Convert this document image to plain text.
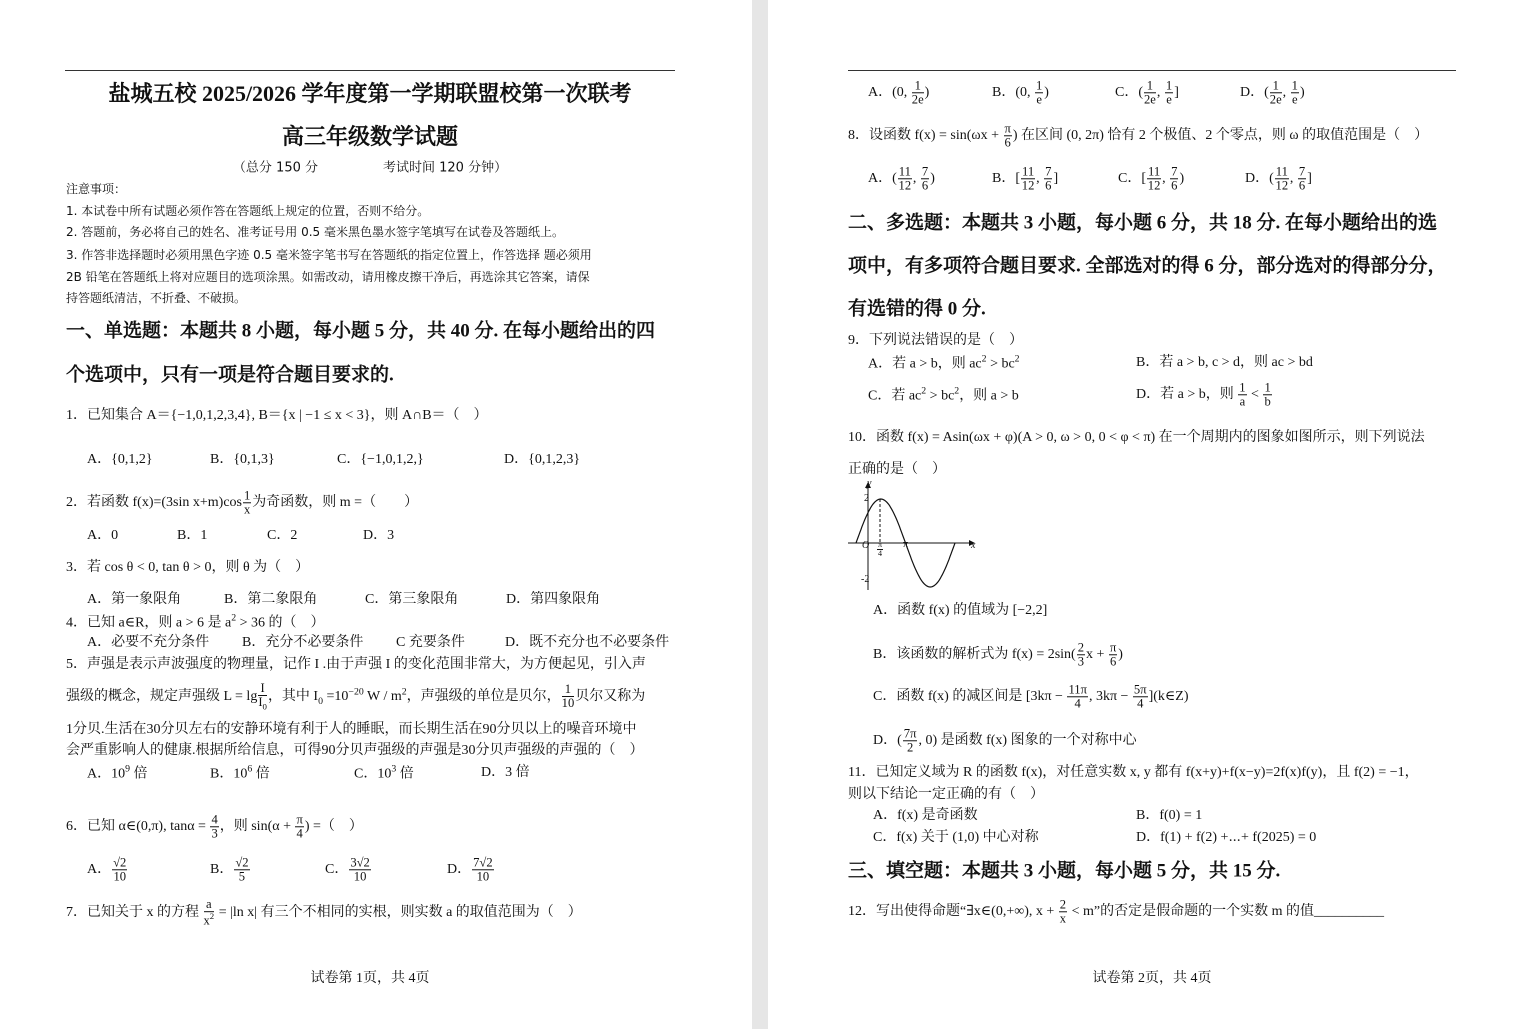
盐城五校 2025/2026 学年度第一学期联盟校第一次联考
高三年级数学试题
（总分 150 分　　　　　考试时间 120 分钟）
注意事项：
1. 本试卷中所有试题必须作答在答题纸上规定的位置，否则不给分。
2. 答题前，务必将自己的姓名、准考证号用 0.5 毫米黑色墨水签字笔填写在试卷及答题纸上。
3. 作答非选择题时必须用黑色字迹 0.5 毫米签字笔书写在答题纸的指定位置上，作答选择 题必须用
2B 铅笔在答题纸上将对应题目的选项涂黑。如需改动，请用橡皮擦干净后，再选涂其它答案，请保
持答题纸清洁，不折叠、不破损。
一、单选题：本题共 8 小题，每小题 5 分，共 40 分. 在每小题给出的四
个选项中，只有一项是符合题目要求的.
1．已知集合 A＝{−1,0,1,2,3,4}, B＝{x | −1 ≤ x < 3}，则 A∩B＝（　）
A．{0,1,2}	B．{0,1,3}	C．{−1,0,1,2,}	D．{0,1,2,3}
2．若函数 f(x)=(3sin $x+m)\cos \frac{1}{x}$ 为奇函数，则 m =（　　）
A．0	B．1	C．2	D．3
3．若 cos θ < 0, tan θ > 0，则 θ 为（　）
A．第一象限角	B．第二象限角	C．第三象限角	D．第四象限角
4．已知 a∈R，则 a > 6 是 $a^2 > 36$ 的（　）
A．必要不充分条件 B．充分不必要条件 C 充要条件	D．既不充分也不必要条件
5．声强是表示声波强度的物理量，记作 I .由于声强 I 的变化范围非常大，为方便起见，引入声
强级的概念，规定声强级 $L = \lg \frac{I}{I_0}$ ，其中 $I_0 =10^{-20}$ W / $m^2$，声强级的单位是贝尔， $\frac{1}{10}$ 贝尔又称为
1分贝.生活在30分贝左右的安静环境有利于人的睡眠，而长期生活在90分贝以上的噪音环境中
会严重影响人的健康.根据所给信息，可得90分贝声强级的声强是30分贝声强级的声强的（　）
A．$10^9$ 倍	B．$10^6$ 倍	C．$10^3$ 倍	D．3 倍
6．已知 α∈(0,π), $\tan\alpha = \frac{4}{3}$ ，则 $\sin(\alpha + \frac{\pi}{4}$ ) =（　）
A． $\frac{√2}{10}$	B． $\frac{√2}{5}$	C． $\frac{3√2}{10}$	D． $\frac{7√2}{10}$
7．已知关于 x 的方程 $\frac{a}{x^2} = |\ln$ x| 有三个不相同的实根，则实数 a 的取值范围为（　）
试卷第 1页，共 4页
A．(0, $\frac{1}{2e}$ )	B．(0, $\frac{1}{e}$ )	C．( $\frac{1}{2e}$ , $\frac{1}{e}$ ]	D．( $\frac{1}{2e}$ , $\frac{1}{e}$ )
8．设函数 $f(x) = \sin(\omega x + \frac{\pi}{6}$ ) 在区间 (0, 2π) 恰有 2 个极值、2 个零点，则 ω 的取值范围是（　）
A．( $\frac{11}{12}$ , $\frac{7}{6}$ )	B．[ $\frac{11}{12}$ , $\frac{7}{6}$ ]	C．[ $\frac{11}{12}$ , $\frac{7}{6}$ )	D．( $\frac{11}{12}$ , $\frac{7}{6}$ ]
二、多选题：本题共 3 小题，每小题 6 分，共 18 分. 在每小题给出的选
项中，有多项符合题目要求. 全部选对的得 6 分，部分选对的得部分分，
有选错的得 0 分.
9．下列说法错误的是（　）
A．若 a > b，则 $ac^2 > bc^2$	B．若 a > b, c > d，则 ac > bd
C．若 $ac^2 > bc^2$，则 a > b	D．若 a > b，则 $\frac{1}{a} < \frac{1}{b}$
10．函数 f(x) = Asin(ωx + φ)(A > 0, ω > 0, 0 < φ < π) 在一个周期内的图象如图所示，则下列说法
正确的是（　）
y
2
O $\frac{\pi}{4}$ π	x
-2
A．函数 f(x) 的值域为 [−2,2]
B．该函数的解析式为 $f(x) = 2\sin( \frac{2}{3}$ $x + \frac{\pi}{6}$ )
C．函数 f(x) 的减区间是 [$3k\pi - \frac{11\pi}{4}$ , $3k\pi - \frac{5\pi}{4}$ ](k∈Z)
D．( $\frac{7\pi}{2}$ , 0) 是函数 f(x) 图象的一个对称中心
11．已知定义域为 R 的函数 f(x)，对任意实数 x, y 都有 f(x+y)+f(x−y)=2f(x)f(y)，且 f(2) = −1，
则以下结论一定正确的有（　）
A．f(x) 是奇函数	B．f(0) = 1
C．f(x) 关于 (1,0) 中心对称	D．f(1) + f(2) +⋯+ f(2025) = 0
三、填空题：本题共 3 小题，每小题 5 分，共 15 分.
12．写出使得命题“∃x∈(0,+∞), $x + \frac{2}{x} < m$”的否定是假命题的一个实数 m 的值__________
试卷第 2页，共 4页
